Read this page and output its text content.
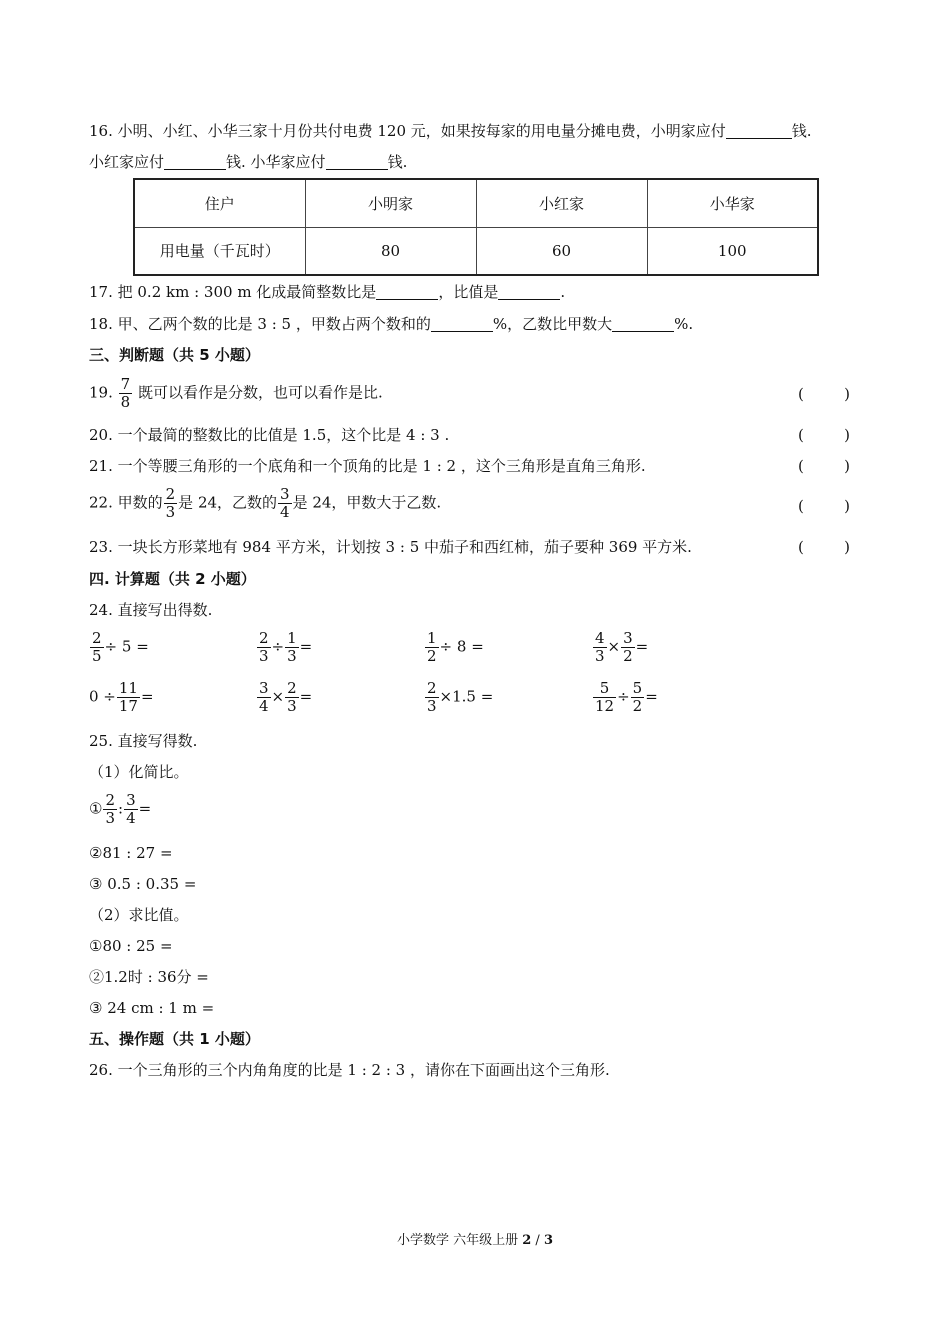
16. 小明、小红、小华三家十月份共付电费 120 元，如果按每家的用电量分摊电费，小明家应付	钱.
小红家应付	钱. 小华家应付	钱.
住户	小明家	小红家	小华家
用电量（千瓦时）	80	60	100
17. 把 0.2 km : 300 m 化成最简整数比是	，比值是	.
18. 甲、乙两个数的比是 3 : 5 ，甲数占两个数和的	%，乙数比甲数大	%.
三、判断题（共 5 小题）
19. $\frac{7}{8}$ 既可以看作是分数，也可以看作是比.	(	)
20. 一个最简的整数比的比值是 1.5，这个比是 4 : 3 .	(	)
21. 一个等腰三角形的一个底角和一个顶角的比是 1 : 2 ，这个三角形是直角三角形.	(	)
22. 甲数的 $\frac{2}{3}$ 是 24，乙数的 $\frac{3}{4}$ 是 24，甲数大于乙数.	(	)
23. 一块长方形菜地有 984 平方米，计划按 3 : 5 中茄子和西红柿，茄子要种 369 平方米.	(	)
四. 计算题（共 2 小题）
24. 直接写出得数.
$\frac{2}{5} \div 5$ =	$\frac{2}{3} \div \frac{1}{3}$ =	$\frac{1}{2} \div 8$ =	$\frac{4}{3} \times \frac{3}{2}$ =
$0 \div \frac{11}{17}$ =	$\frac{3}{4} \times \frac{2}{3}$ =	$\frac{2}{3} \times 1.5$ =	$\frac{5}{12} \div \frac{5}{2}$ =
25. 直接写得数.
（1）化简比。
① $\frac{2}{3}$ : $\frac{3}{4}$ =
②81 : 27 =
③ 0.5 : 0.35 =
（2）求比值。
①80 : 25 =
②1.2时 : 36分 =
③ 24 cm : 1 m =
五、操作题（共 1 小题）
26. 一个三角形的三个内角角度的比是 1 : 2 : 3 ，请你在下面画出这个三角形.
小学数学 六年级上册 2 / 3
